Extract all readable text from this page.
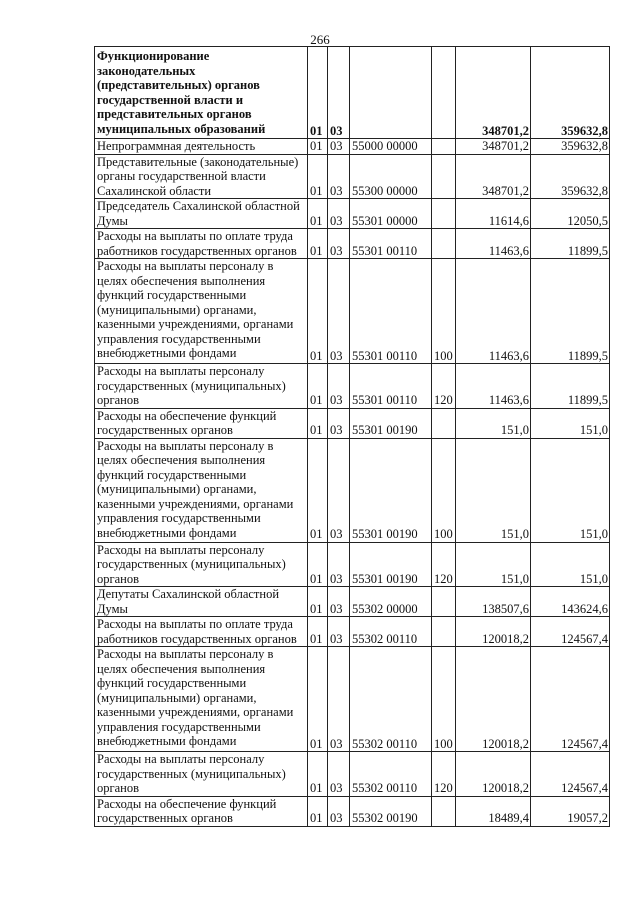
266
Функционирование законодательных (представительных) органов государственной власти и представительных органов муниципальных образований	01	03			348701,2	359632,8
Непрограммная деятельность	01	03	55000 00000		348701,2	359632,8
Представительные (законодательные) органы государственной власти Сахалинской области	01	03	55300 00000		348701,2	359632,8
Председатель Сахалинской областной Думы	01	03	55301 00000		11614,6	12050,5
Расходы на выплаты по оплате труда работников государственных органов	01	03	55301 00110		11463,6	11899,5
Расходы на выплаты персоналу в целях обеспечения выполнения функций государственными (муниципальными) органами, казенными учреждениями, органами управления государственными внебюджетными фондами	01	03	55301 00110	100	11463,6	11899,5
Расходы на выплаты персоналу государственных (муниципальных) органов	01	03	55301 00110	120	11463,6	11899,5
Расходы на обеспечение функций государственных органов	01	03	55301 00190		151,0	151,0
Расходы на выплаты персоналу в целях обеспечения выполнения функций государственными (муниципальными) органами, казенными учреждениями, органами управления государственными внебюджетными фондами	01	03	55301 00190	100	151,0	151,0
Расходы на выплаты персоналу государственных (муниципальных) органов	01	03	55301 00190	120	151,0	151,0
Депутаты Сахалинской областной Думы	01	03	55302 00000		138507,6	143624,6
Расходы на выплаты по оплате труда работников государственных органов	01	03	55302 00110		120018,2	124567,4
Расходы на выплаты персоналу в целях обеспечения выполнения функций государственными (муниципальными) органами, казенными учреждениями, органами управления государственными внебюджетными фондами	01	03	55302 00110	100	120018,2	124567,4
Расходы на выплаты персоналу государственных (муниципальных) органов	01	03	55302 00110	120	120018,2	124567,4
Расходы на обеспечение функций государственных органов	01	03	55302 00190		18489,4	19057,2
